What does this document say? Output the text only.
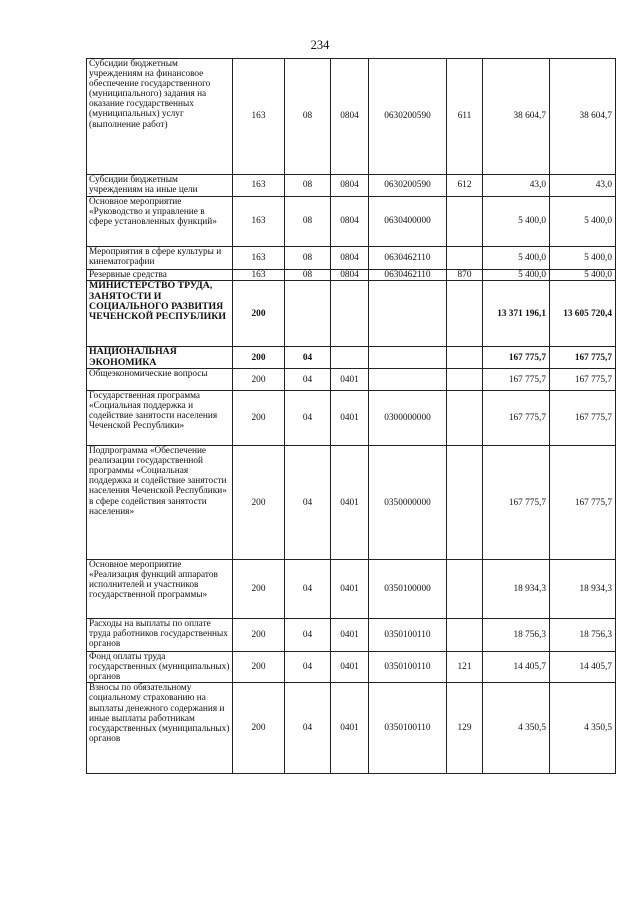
234
Субсидии бюджетным учреждениям на финансовое обеспечение государственного (муниципального) задания на оказание государственных (муниципальных) услуг (выполнение работ)	163	08	0804	0630200590	611	38 604,7	38 604,7
Субсидии бюджетным учреждениям на иные цели	163	08	0804	0630200590	612	43,0	43,0
Основное мероприятие «Руководство и управление в сфере установленных функций»	163	08	0804	0630400000		5 400,0	5 400,0
Мероприятия в сфере культуры и кинематографии	163	08	0804	0630462110		5 400,0	5 400,0
Резервные средства	163	08	0804	0630462110	870	5 400,0	5 400,0
МИНИСТЕРСТВО ТРУДА, ЗАНЯТОСТИ И СОЦИАЛЬНОГО РАЗВИТИЯ ЧЕЧЕНСКОЙ РЕСПУБЛИКИ	200					13 371 196,1	13 605 720,4
НАЦИОНАЛЬНАЯ ЭКОНОМИКА	200	04				167 775,7	167 775,7
Общеэкономические вопросы	200	04	0401			167 775,7	167 775,7
Государственная программа «Социальная поддержка и содействие занятости населения Чеченской Республики»	200	04	0401	0300000000		167 775,7	167 775,7
Подпрограмма «Обеспечение реализации государственной программы «Социальная поддержка и содействие занятости населения Чеченской Республики» в сфере содействия занятости населения»	200	04	0401	0350000000		167 775,7	167 775,7
Основное мероприятие «Реализация функций аппаратов исполнителей и участников государственной программы»	200	04	0401	0350100000		18 934,3	18 934,3
Расходы на выплаты по оплате труда работников государственных органов	200	04	0401	0350100110		18 756,3	18 756,3
Фонд оплаты труда государственных (муниципальных) органов	200	04	0401	0350100110	121	14 405,7	14 405,7
Взносы по обязательному социальному страхованию на выплаты денежного содержания и иные выплаты работникам государственных (муниципальных) органов	200	04	0401	0350100110	129	4 350,5	4 350,5
